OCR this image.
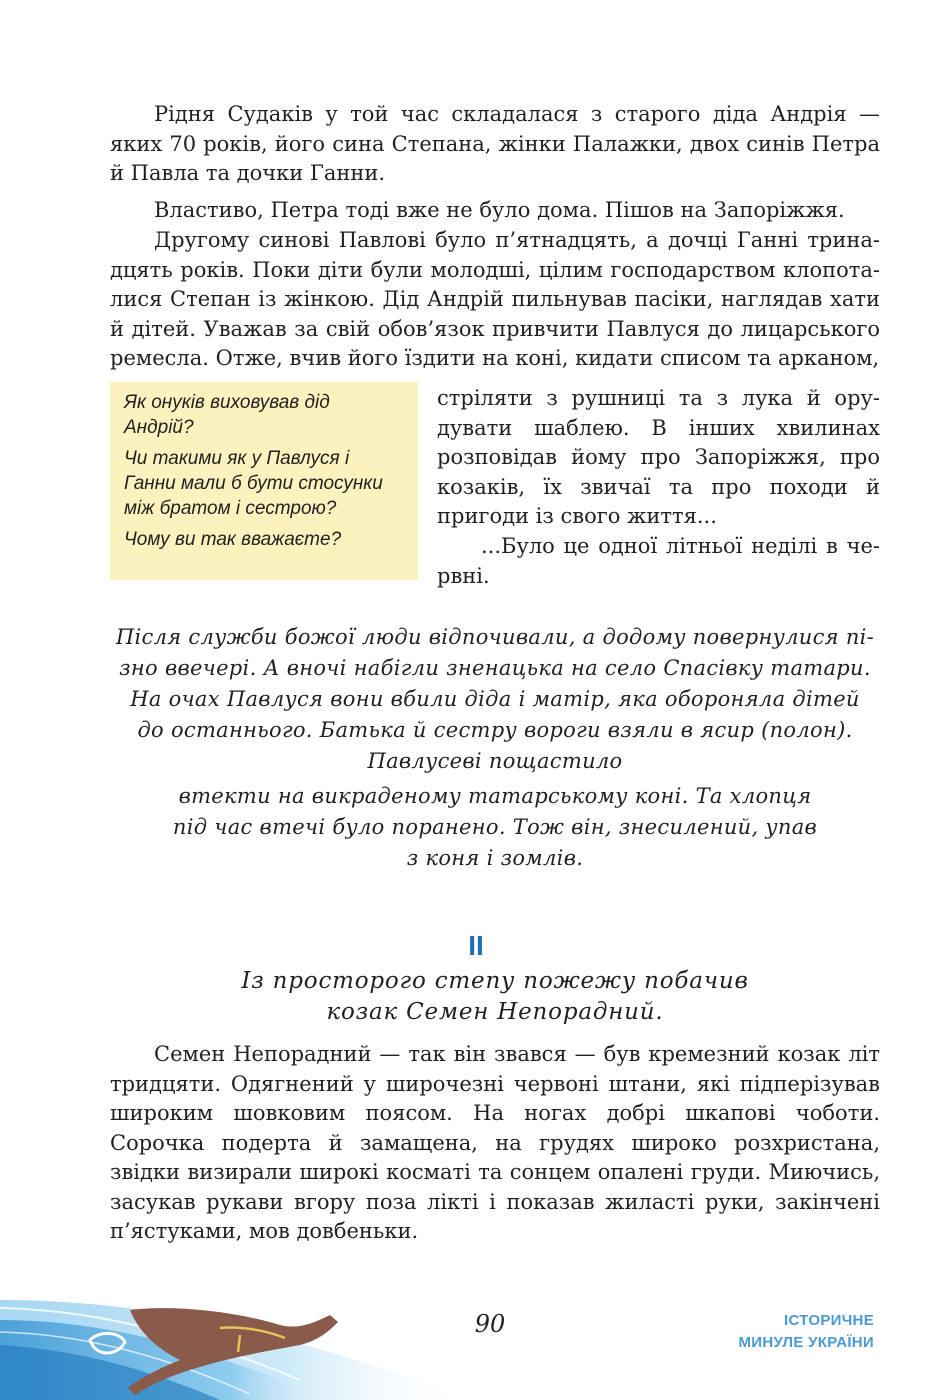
Рідня Судаків у той час складалася з старого діда Андрія — яких 70 років, його сина Степана, жінки Палажки, двох синів Петра й Павла та дочки Ганни.

Властиво, Петра тоді вже не було дома. Пішов на Запоріжжя.

Другому синові Павлові було п’ятнадцять, а дочці Ганні тринадцять років. Поки діти були молодші, цілим господарством клопоталися Степан із жінкою. Дід Андрій пильнував пасіки, наглядав хати й дітей. Уважав за свій обов’язок привчити Павлуся до лицарського ремесла. Отже, вчив його їздити на коні, кидати списом та арканом,

Як онуків виховував дід Андрій?

Чи такими як у Павлуся і Ганни мали б бути стосунки між братом і сестрою?

Чому ви так вважаєте?

стріляти з рушниці та з лука й орудувати шаблею. В інших хвилинах розповідав йому про Запоріжжя, про козаків, їх звичаї та про походи й пригоди із свого життя...

...Було це одної літньої неділі в червні.

Після служби божої люди відпочивали, а додому повернулися пі-

зно ввечері. А вночі набігли зненацька на село Спасівку татари.

На очах Павлуся вони вбили діда і матір, яка обороняла дітей

до останнього. Батька й сестру вороги взяли в ясир (полон).

Павлусеві пощастило

втекти на викраденому татарському коні. Та хлопця

під час втечі було поранено. Тож він, знесилений, упав

з коня і зомлів.

II

Із просторого степу пожежу побачив
козак Семен Непорадний.

Семен Непорадний — так він звався — був кремезний козак літ тридцяти. Одягнений у широчезні червоні штани, які підперізував широким шовковим поясом. На ногах добрі шкапові чоботи. Сорочка подерта й замащена, на грудях широко розхристана, звідки визирали широкі косматі та сонцем опалені груди. Миючись, засукав рукави вгору поза лікті і показав жиласті руки, закінчені п’ястуками, мов довбеньки.

90	ІСТОРИЧНЕ
МИНУЛЕ УКРАЇНИ
